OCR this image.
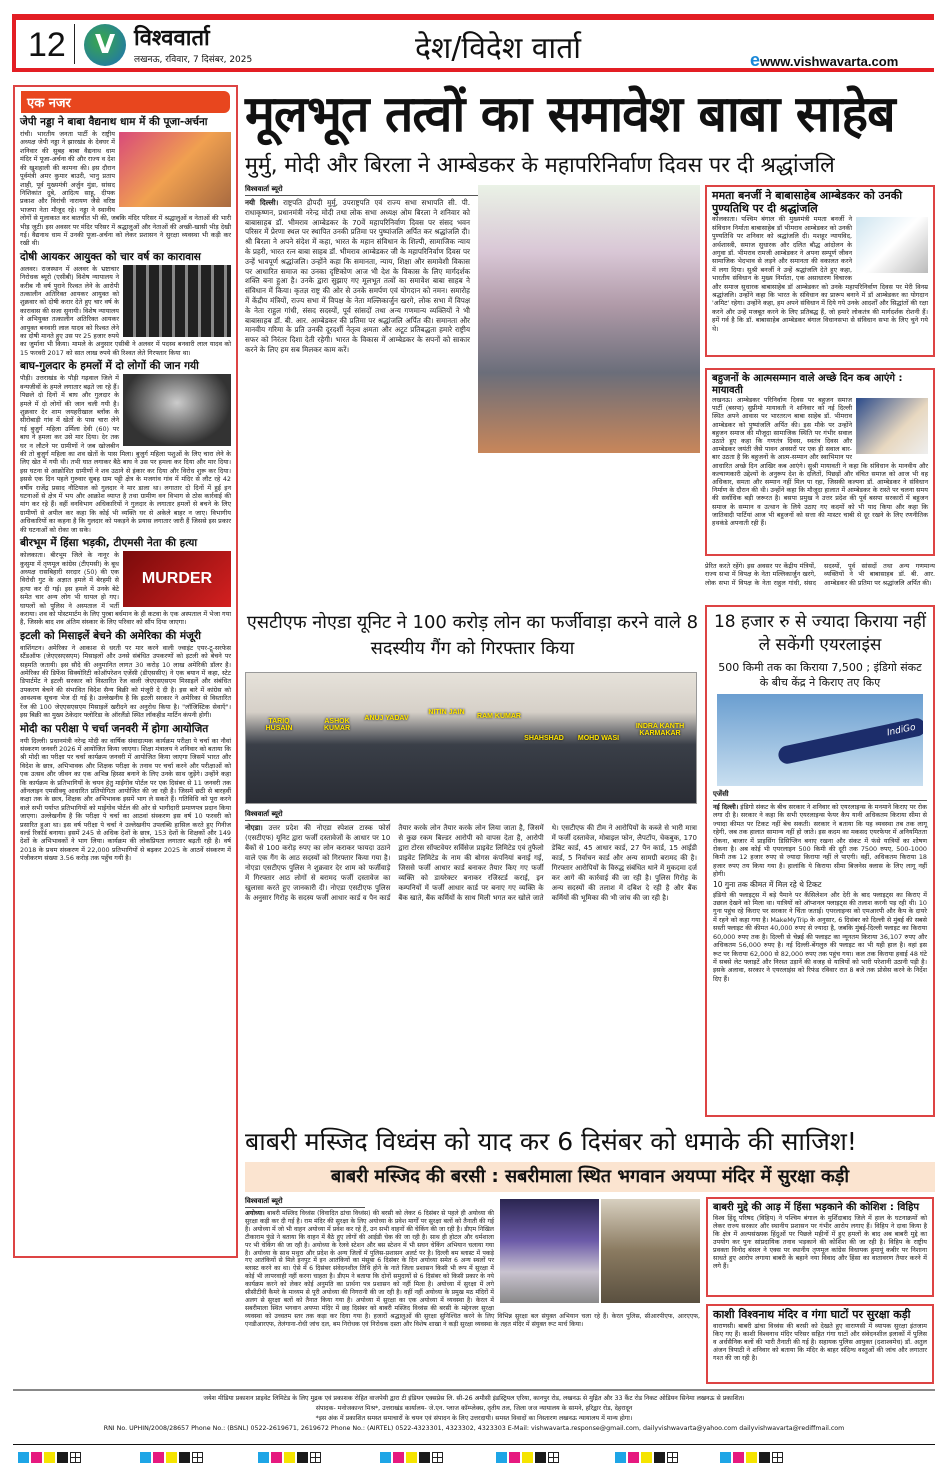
12	V विश्ववार्ता
लखनऊ, रविवार, 7 दिसंबर, 2025	देश/विदेश वार्ता	ewww.vishwavarta.com
एक नजर
जेपी नड्डा ने बाबा वैद्यनाथ धाम में की पूजा-अर्चना
रांची। भारतीय जनता पार्टी के राष्ट्रीय अध्यक्ष जेपी नड्डा ने झारखंड के देवघर में शनिवार की सुबह बाबा वैद्यनाथ धाम मंदिर में पूजा-अर्चना की और राज्य व देश की खुशहाली की कामना की। इस दौरान पूर्वमंत्री अमर कुमार बाउरी, भानु प्रताप शाही, पूर्व मुख्यमंत्री अर्जुन मुंडा, सांसद निशिकांत दुबे, आदित्य साहू, दीपक प्रकाश और विरांची नारायण जैसे वरिष्ठ भाजपा नेता मौजूद रहे। नड्डा ने स्थानीय लोगों से मुलाकात कर बातचीत भी की, जबकि मंदिर परिसर में श्रद्धालुओं व नेताओं की भारी भीड़ जुटी। इस अवसर पर मंदिर परिसर में श्रद्धालुओं और नेताओं की अच्छी-खासी भीड़ देखी गई। वैद्यनाथ धाम में उनकी पूजा-अर्चना को लेकर प्रशासन ने सुरक्षा व्यवस्था भी कड़ी कर रखी थी।
दोषी आयकर आयुक्त को चार वर्ष का कारावास
अलवर। राजस्थान में अलवर के भ्रष्टाचार निरोधक ब्यूरो (एसीबी) विशेष न्यायालय ने करीब नौ वर्ष पुराने रिश्वत लेने के आरोपी तत्कालीन अतिरिक्त आयकर आयुक्त को शुक्रवार को दोषी करार देते हुए चार वर्ष के कारावास की सजा सुनायी। विशेष न्यायालय ने अभियुक्त तत्कालीन अतिरिक्त आयकर आयुक्त बनवारी लाल यादव को रिश्वत लेने का दोषी मानते हुए उस पर 25 हजार रुपये का जुर्माना भी किया। मामले के अनुसार एसीबी ने अलवर में पदस्थ बनवारी लाल यादव को 15 फरवरी 2017 को सात लाख रुपये की रिश्वत लेते गिरफ्तार किया था।
बाघ-गुलदार के हमलों में दो लोगों की जान गयी
पौड़ी। उत्तराखंड के पौड़ी गढ़वाल जिले में वन्यजीवों के हमले लगातार बढ़ते जा रहे हैं। पिछले दो दिनों में बाघ और गुलदार के हमले में दो लोगों की जान चली गयी है। शुक्रवार देर शाम जयहरीखाल ब्लॉक के सीरोबाड़ी गांव में खेतों के पास चारा लेने गई बुजुर्ग महिला उर्मिला देवी (60) पर बाघ ने हमला कर उसे मार दिया। देर तक घर न लौटने पर ग्रामीणों ने जब खोजबीन की तो बुजुर्ग महिला का शव खेतों के पास मिला। बुजुर्ग महिला पशुओं के लिए चारा लेने के लिए खेत में गयी थी। तभी घात लगाकर बैठे बाघ ने उस पर हमला कर दिया और मार दिया। इस घटना से आक्रोशित ग्रामीणों ने शव उठाने से इंकार कर दिया और विरोध शुरू कर दिया। इससे एक दिन पहले गुरुवार सुबह ग्राम पट्टी क्षेत्र के मजगांव गांव में मंदिर से लौट रहे 42 वर्षीय राजेंद्र प्रसाद नौटियाल को गुलदार ने मार डाला था। लगातार दो दिनों में हुई इन घटनाओं से क्षेत्र में भय और आक्रोश व्याप्त है तथा ग्रामीण वन विभाग से ठोस कार्रवाई की मांग कर रहे हैं। वहीं वनविभाग अधिकारियों ने गुलदार के लगातार हमलों से बचने के लिए ग्रामीणों से अपील कर कहा कि कोई भी व्यक्ति घर से अकेले बाहर न जाए। विभागीय अधिकारियों का कहना है कि गुलदार को पकड़ने के प्रयास लगातार जारी हैं जिससे इस प्रकार की घटनाओं को रोका जा सके।
बीरभूम में हिंसा भड़की, टीएमसी नेता की हत्या
MURDER
कोलकाता। बीरभूम जिले के नानूर के कुसुमा में तृणमूल कांग्रेस (टीएमसी) के बूथ अध्यक्ष रासबिहारी सरदार (50) की एक विरोधी गुट के अज्ञात हमले में बेरहमी से हत्या कर दी गई। इस हमले में उनके बेटे समेत चार अन्य लोग भी घायल हो गए। घायलों को पुलिस ने अस्पताल में भर्ती कराया। शव को पोस्टमार्टम के लिए पुरबा बर्धमान के ही कटवा के एक अस्पताल में भेजा गया है, जिसके बाद शव अंतिम संस्कार के लिए परिवार को सौंप दिया जाएगा।
इटली को मिसाइलें बेचने की अमेरिका की मंजूरी
वाशिंगटन। अमेरिका ने आकाश से धरती पर मार करने वाली ज्वाइंट एयर-टू-सरफेस स्टैंडऑफ (जेएएसएसएम) मिसाइलों और उनसे संबंधित उपकरणों को इटली को बेचने पर सहमति जतायी। इस सौदे की अनुमानित लागत 30 करोड़ 10 लाख अमेरिकी डॉलर है। अमेरिका की डिफेंस सिक्योरिटी कोऑपरेशन एजेंसी (डीएससीए) ने एक बयान में कहा, स्टेट डिपार्टमेंट ने इटली सरकार को विस्तारित रेंज वाली जेएएसएसएम मिसाइलें और संबंधित उपकरण बेचने की संभावित विदेश सैन्य बिक्री को मंजूरी दे दी है। इस बारे में कांग्रेस को आवश्यक सूचना भेज दी गई है। उल्लेखनीय है कि इटली सरकार ने अमेरिका से विस्तारित रेंज की 100 जेएएसएसएम मिसाइलें खरीदने का अनुरोध किया है। "लॉजिस्टिक सेवाएँ"। इस बिक्री का मुख्य ठेकेदार फ्लोरिडा के ऑरलैंडो स्थित लॉकहीड मार्टिन कंपनी होगी।
मोदी का परीक्षा पे चर्चा जनवरी में होगा आयोजित
नयी दिल्ली। प्रधानमंत्री नरेन्द्र मोदी का वार्षिक संवादात्मक कार्यक्रम परीक्षा पे चर्चा का नौवां संस्करण जनवरी 2026 में आयोजित किया जाएगा। शिक्षा मंत्रालय ने शनिवार को बताया कि श्री मोदी का परीक्षा पर चर्चा कार्यक्रम जनवरी में आयोजित किया जाएगा जिसमें भारत और विदेश के छात्र, अभिभावक और शिक्षक परीक्षा के तनाव पर चर्चा करने और परीक्षाओं को एक उत्सव और जीवन का एक अभिन्न हिस्सा बनाने के लिए उनके साथ जुड़ेंगे। उन्होंने कहा कि कार्यक्रम के प्रतिभागियों के चयन हेतु माईगोव पोर्टल पर एक दिसंबर से 11 जनवरी तक ऑनलाइन एमसीक्यू आधारित प्रतियोगिता आयोजित की जा रही है। जिसमें छठी से बारहवीं कक्षा तक के छात्र, शिक्षक और अभिभावक इसमें भाग ले सकते हैं। गतिविधि को पूरा करने वाले सभी पर्याप्त प्रतिभागियों को माईगोव पोर्टल की ओर से भागीदारी प्रमाणपत्र प्रदान किया जाएगा। उल्लेखनीय है कि परीक्षा पे चर्चा का आठवां संस्करण इस वर्ष 10 फरवरी को प्रसारित हुआ था। इस वर्ष परीक्षा पे चर्चा ने उल्लेखनीय उपलब्धि हासिल करते हुए गिनीज वर्ल्ड रिकॉर्ड बनाया। इसमें 245 से अधिक देशों के छात्र, 153 देशों के शिक्षकों और 149 देशों के अभिभावकों ने भाग लिया। कार्यक्रम की लोकप्रियता लगातार बढ़ती रही है। वर्ष 2018 के प्रथम संस्करण में 22,000 प्रतिभागियों से बढ़कर 2025 के आठवें संस्करण में पंजीकरण संख्या 3.56 करोड़ तक पहुँच गयी है।
मूलभूत तत्वों का समावेश बाबा साहेब
मुर्मु, मोदी और बिरला ने आम्बेडकर के महापरिनिर्वाण दिवस पर दी श्रद्धांजलि
विश्ववार्ता ब्यूरो
नयी दिल्ली। राष्ट्रपति द्रौपदी मुर्मु, उपराष्ट्रपति एवं राज्य सभा सभापति सी. पी. राधाकृष्णन, प्रधानमंत्री नरेन्द्र मोदी तथा लोक सभा अध्यक्ष ओम बिरला ने शनिवार को बाबासाहब डॉ. भीमराव आम्बेडकर के 70वें महापरिनिर्वाण दिवस पर संसद भवन परिसर में प्रेरणा स्थल पर स्थापित उनकी प्रतिमा पर पुष्पांजलि अर्पित कर श्रद्धांजलि दी। श्री बिरला ने अपने संदेश में कहा, भारत के महान संविधान के शिल्पी, सामाजिक न्याय के प्रहरी, भारत रत्न बाबा साहब डॉ. भीमराव आम्बेडकर जी के महापरिनिर्वाण दिवस पर उन्हें भावपूर्ण श्रद्धांजलि। उन्होंने कहा कि समानता, न्याय, शिक्षा और समावेशी विकास पर आधारित समाज का उनका दृष्टिकोण आज भी देश के विकास के लिए मार्गदर्शक शक्ति बना हुआ है। उनके द्वारा सुझाए गए मूलभूत तत्वों का समावेश बाबा साहब ने संविधान में किया। कृतज्ञ राष्ट्र की ओर से उनके समर्पण एवं योगदान को नमन। समारोह में केंद्रीय मंत्रियों, राज्य सभा में विपक्ष के नेता मल्लिकार्जुन खरगे, लोक सभा में विपक्ष के नेता राहुल गांधी, संसद सदस्यों, पूर्व सांसदों तथा अन्य गणमान्य व्यक्तियों ने भी बाबासाहब डॉ. बी. आर. आम्बेडकर की प्रतिमा पर श्रद्धांजलि अर्पित की। समानता और मानवीय गरिमा के प्रति उनकी दूरदर्शी नेतृत्व क्षमता और अटूट प्रतिबद्धता हमारे राष्ट्रीय सफर को निरंतर दिशा देती रहेगी। भारत के विकास में आम्बेडकर के सपनों को साकार करने के लिए हम सब मिलकर काम करें।
ममता बनर्जी ने बाबासाहेब आम्बेडकर को उनकी पुण्यतिथि पर दी श्रद्धांजलि
कोलकाता। पश्चिम बंगाल की मुख्यमंत्री ममता बनर्जी ने संविधान निर्माता बाबासाहेब डॉ भीमराव आम्बेडकर को उनकी पुण्यतिथि पर शनिवार को श्रद्धांजलि दी। मशहूर न्यायविद, अर्थशास्त्री, समाज सुधारक और दलित बौद्ध आंदोलन के अगुवा डॉ. भीमराव रामजी आम्बेडकर ने अपना सम्पूर्ण जीवन सामाजिक भेदभाव से लड़ने और समानता की वकालत करने में लगा दिया। सुश्री बनर्जी ने उन्हें श्रद्धांजलि देते हुए कहा, भारतीय संविधान के मुख्य निर्माता, एक असाधारण विचारक और समाज सुधारक बाबासाहेब डॉ आम्बेडकर को उनके महापरिनिर्वाण दिवस पर मेरी विनम्र श्रद्धांजलि। उन्होंने कहा कि भारत के संविधान का प्रारूप बनाने में डॉ आम्बेडकर का योगदान 'अमिट' रहेगा। उन्होंने कहा, हम अपने संविधान में दिये गये उनके आदर्शों और सिद्धांतों की रक्षा करने और उन्हें मजबूत करने के लिए प्रतिबद्ध हैं, जो हमारे लोकतंत्र की मार्गदर्शक रोशनी हैं। हमें गर्व है कि डॉ. बाबासाहेब आम्बेडकर बंगाल विधानसभा से संविधान सभा के लिए चुने गये थे।
बहुजनों के आत्मसम्मान वाले अच्छे दिन कब आएंगे : मायावती
लखनऊ। आम्बेडकर परिनिर्वाण दिवस पर बहुजन समाज पार्टी (बसपा) सुप्रीमो मायावती ने शनिवार को नई दिल्ली स्थित अपने आवास पर भारतरत्न बाबा साहेब डॉ. भीमराव आम्बेडकर को पुष्पांजलि अर्पित की। इस मौके पर उन्होंने बहुजन समाज की मौजूदा सामाजिक स्थिति पर गंभीर सवाल उठाते हुए कहा कि गणतंत्र दिवस, स्वतंत्र दिवस और आम्बेडकर जयंती जैसे पावन अवसरों पर एक ही सवाल बार-बार उठता है कि बहुजनों के आत्म-सम्मान और स्वाभिमान पर आधारित अच्छे दिन आखिर कब आएंगे। सुश्री मायावती ने कहा कि संविधान के मानवीय और कल्याणकारी उद्देश्यों के अनुरूप देश के दलितों, पिछड़ों और वंचित समाज को आज भी वह अधिकार, समता और सम्मान नहीं मिल पा रहा, जिसकी कल्पना डॉ. आम्बेडकर ने संविधान निर्माण के दौरान की थी। उन्होंने कहा कि मौजूदा हालात में आम्बेडकर के रास्ते पर चलना समय की सर्वाधिक बड़ी जरूरत है। बसपा प्रमुख ने उत्तर प्रदेश की पूर्व बसपा सरकारों में बहुजन समाज के सम्मान व उत्थान के लिये उठाए गए कदमों को भी याद किया और कहा कि जातिवादी पार्टियां आज भी बहुजनों को सत्ता की मास्टर चाबी से दूर रखने के लिए रणनीतिक हथकंडे अपनाती रही हैं।
प्रेरित करते रहेंगे। इस अवसर पर केंद्रीय मंत्रियों, राज्य सभा में विपक्ष के नेता मल्लिकार्जुन खरगे, लोक सभा में विपक्ष के नेता राहुल गांधी, संसद सदस्यों, पूर्व सांसदों तथा अन्य गणमान्य व्यक्तियों ने भी बाबासाहब डॉ. बी. आर. आम्बेडकर की प्रतिमा पर श्रद्धांजलि अर्पित की।
एसटीएफ नोएडा यूनिट ने 100 करोड़ लोन का फर्जीवाड़ा करने वाले 8 सदस्यीय गैंग को गिरफ्तार किया
TARIQ HUSAIN
ASHOK KUMAR
ANUJ YADAV
NITIN JAIN
RAM KUMAR
SHAHSHAD	MOHD WASI
INDRA KANTH KARMAKAR
विश्ववार्ता ब्यूरो
नोएडा। उत्तर प्रदेश की नोएडा स्पेशल टास्क फोर्स (एसटीएफ) यूनिट द्वारा फर्जी दस्तावेजों के आधार पर 10 बैंकों से 100 करोड़ रुपए का लोन कराकर फायदा उठाने वाले एक गैंग के आठ सदस्यों को गिरफ्तार किया गया है। नोएडा एसटीएफ पुलिस ने शुक्रवार देर शाम को फर्जीवाड़े में गिरफ्तार आठ लोगों से बरामद फर्जी दस्तावेज का खुलासा करते हुए जानकारी दी। नोएडा एसटीएफ पुलिस के अनुसार गिरोह के सदस्य फर्जी आधार कार्ड व पैन कार्ड तैयार करके लोन तैयार करके लोन लिया जाता है, जिसमें से कुछ रकम बिल्डर आरोपी को वापस देता है, आरोपी द्वारा टोरस सॉफ्टवेयर सर्विसेज प्राइवेट लिमिटेड एवं तुफैलो प्राइवेट लिमिटेड के नाम की बोगस कंपनियां बनाई गई, जिससे फर्जी आधार कार्ड बनाकर तैयार किए गए फर्जी व्यक्ति को डायरेक्टर बनाकर रजिस्टर्ड कराई, इन कम्पनियों में फर्जी आधार कार्ड पर बनाए गए व्यक्ति के बैंक खाते, बैंक कर्मियों के साथ मिली भगत कर खोले जाते थे। एसटीएफ की टीम ने आरोपियों के कब्जे से भारी मात्रा में फर्जी दस्तावेज, मोबाइल फोन, लैपटॉप, चेकबुक, 170 डेबिट कार्ड, 45 आधार कार्ड, 27 पैन कार्ड, 15 आईडी कार्ड, 5 निर्वाचन कार्ड और अन्य सामग्री बरामद की है। गिरफ्तार आरोपियों के विरुद्ध संबंधित थाने में मुकदमा दर्ज कर आगे की कार्रवाई की जा रही है। पुलिस गिरोह के अन्य सदस्यों की तलाश में दबिश दे रही है और बैंक कर्मियों की भूमिका की भी जांच की जा रही है।
18 हजार रु से ज्यादा किराया नहीं ले सकेंगी एयरलाइंस
500 किमी तक का किराया 7,500 ; इंडिगो संकट के बीच केंद्र ने किराए तए किए
IndiGo
एजेंसी
नई दिल्ली। इंडिगो संकट के बीच सरकार ने शनिवार को एयरलाइन्स के मनमाने किराए पर रोक लगा दी है। सरकार ने कहा कि सभी एयरलाइन्स फेयर कैप यानी अधिकतम किराया सीमा से ज्यादा कीमत पर टिकट नहीं बेच सकती। सरकार ने बताया कि यह व्यवस्था तब तक लागू रहेगी, जब तक हालात सामान्य नहीं हो जाते। इस कदम का मकसद एयरफेयर में अनियमितता रोकना, बाजार में प्राइसिंग डिसिप्लिन बनाए रखना और संकट में फंसे यात्रियों का शोषण रोकना है। अब कोई भी एयरलाइन 500 किमी की दूरी तक 7500 रुपए, 500-1000 किमी तक 12 हजार रुपए से ज्यादा किराया नहीं ले पाएगी। वहीं, अधिकतम किराया 18 हजार रुपए तय किया गया है। हालांकि ये किराया सीमा बिजनेस क्लास के लिए लागू नहीं होगी।
10 गुना तक कीमत में मिल रहे थे टिकट
इंडिगो की फ्लाइट्स में बड़े पैमाने पर कैंसिलेशन और देरी के बाद फ्लाइट्स का किराए में उछाल देखने को मिला था। यात्रियों को ऑप्शनल फ्लाइट्स की तलाश करनी पड़ रही थी। 10 गुना पहुंच रहे किराए पर सरकार ने चिंता जताई। एयरलाइन्स को एमआरपी और कैप के दायरे में रहने को कहा गया है। MakeMyTrip के अनुसार, 6 दिसंबर को दिल्ली से मुंबई की सबसे सस्ती फ्लाइट की कीमत 40,000 रुपए से ज्यादा है, जबकि मुंबई-दिल्ली फ्लाइट का किराया 60,000 रुपए तक है। दिल्ली से चेन्नई की फ्लाइट का न्यूनतम किराया 36,107 रुपए और अधिकतम 56,000 रुपए है। नई दिल्ली-बेंगलुरु की फ्लाइट का भी यही हाल है। वहां इस रूट पर किराया 62,000 से 82,000 रुपए तक पहुंच गया। कल तक किराया हवाई 48 घंटे में सबसे लेट फ्लाइटें और निरस्त उड़ानें की वजह से यात्रियों को भारी परेशानी उठानी पड़ी है। इसके अलावा, सरकार ने एयरलाइंस को रिफंड रविवार रात 8 बजे तक प्रोसेस करने के निर्देश दिए हैं।
बाबरी मस्जिद विध्वंस को याद कर 6 दिसंबर को धमाके की साजिश!
बाबरी मस्जिद की बरसी : सबरीमाला स्थित भगवान अयप्पा मंदिर में सुरक्षा कड़ी
विश्ववार्ता ब्यूरो
अयोध्या। बाबरी मस्जिद विध्वंस (विवादित ढांचा विध्वंस) की बरसी को लेकर 6 दिसंबर से पहले ही अयोध्या की सुरक्षा कड़ी कर दी गई है। राम मंदिर की सुरक्षा के लिए अयोध्या के प्रवेश मार्गों पर सुरक्षा बलों को तैनाती की गई है। अयोध्या में जो भी वाहन अयोध्या में प्रवेश कर रहे हैं, उन सभी वाहनों की चेकिंग की जा रही है। डीएम निखिल टीकाराम फुंडे ने बताया कि वाहन में बैठे हुए लोगों की आईडी चेक की जा रही है। साथ ही होटल और धर्मशाला पर भी चेकिंग की जा रही है। अयोध्या के रेलवे स्टेशन और बस स्टेशन में भी सघन चेकिंग अभियान चलाया गया है। अयोध्या के साथ मथुरा और प्रदेश के अन्य जिलों में पुलिस-प्रशासन अलर्ट पर है। दिल्ली बम ब्लास्ट में पकड़े गए आतंकियों से मिले इनपुट में इन आतंकियों का मंसूबा 6 दिसंबर के दिन अयोध्या समेत 6 अन्य स्थलों पर ब्लास्ट करने का था। ऐसे में 6 दिसंबर संवेदनशील तिथि होने के नाते जिला प्रशासन किसी भी रूप में सुरक्षा में कोई भी लापरवाही नहीं करना चाहता है। डीएम ने बताया कि दोनों समुदायों से 6 दिसंबर को किसी प्रकार के नये कार्यक्रम करने को लेकर कोई अनुमति का प्रार्थना पत्र प्रशासन को नहीं मिला है। अयोध्या में सुरक्षा में लगे सीसीटीवी कैमरे के माध्यम से पूरी अयोध्या की निगरानी की जा रही है। वहीं नहीं अयोध्या के प्रमुख मठ मंदिरों में अलग से सुरक्षा बलों को तैनात किया गया है। अयोध्या में सुरक्षा का एक अयोध्या में व्यवस्था है। केरल में सबरीमाला स्थित भगवान अयप्पा मंदिर में छह दिसंबर को बाबरी मस्जिद विध्वंस की बरसी के मद्देनजर सुरक्षा व्यवस्था को उच्चतम स्तर तक कड़ा कर दिया गया है। हजारों श्रद्धालुओं की सुरक्षा सुनिश्चित करने के लिए विभिन्न सुरक्षा बल संयुक्त अभियान चला रहे हैं। केरल पुलिस, सीआरपीएफ, आरएएफ, एनडीआरएफ, तेलंगाना-रोधी जांच दल, बम निरोधक एवं निरोधक दस्ता और विशेष शाखा ने कड़ी सुरक्षा व्यवस्था के तहत मंदिर में संयुक्त रूट मार्च किया।
बाबरी मुद्दे की आड़ में हिंसा भड़काने की कोशिश : विहिप
विश्व हिंदू परिषद (विहिप) ने पश्चिम बंगाल के मुर्शिदाबाद जिले में हाल के घटनाक्रमों को लेकर राज्य सरकार और स्थानीय प्रशासन पर गंभीर आरोप लगाए हैं। विहिप ने दावा किया है कि क्षेत्र में अल्पसंख्यक हिंदुओं पर पिछले महीनों में हुए हमलों के बाद अब बाबरी मुद्दे का उपयोग कर पुनः सांप्रदायिक तनाव भड़काने की कोशिश की जा रही है। विहिप के राष्ट्रीय प्रवक्ता विनोद बंसल ने एक्स पर स्थानीय तृणमूल कांग्रेस विधायक हुमायूं कबीर पर निशाना साधते हुए आरोप लगाया बाबरी के बहाने नया विवाद और हिंसा का वातावरण तैयार करने में लगे हैं।
काशी विश्वनाथ मंदिर व गंगा घाटों पर सुरक्षा कड़ी
वाराणसी। बाबरी ढांचा विध्वंस की बरसी को देखते हुए वाराणसी में व्यापक सुरक्षा इंतजाम किए गए हैं। काशी विश्वनाथ मंदिर परिसर सहित गंगा घाटों और संवेदनशील इलाकों में पुलिस व अर्धसैनिक बलों की भारी तैनाती की गई है। सहायक पुलिस आयुक्त (दशाश्वमेध) डॉ. अतुल अंजन त्रिपाठी ने शनिवार को बताया कि मंदिर के बाहर संदिग्ध वस्तुओं की जांच और लगातार गश्त की जा रही है।
जयेश मीडिया प्रकाशन प्राइवेट लिमिटेड के लिए मुद्रक एवं प्रकाशक रोहित वाजपेयी द्वारा टी इंडियन एक्सप्रेस लि. सी-26 अमौसी इंडस्ट्रियल एरिया, कानपुर रोड, लखनऊ से मुद्रित और 33 कैंट रोड निकट ओडियन सिनेमा लखनऊ से प्रकाशित।
संपादक- मनोजकान्त मिश्र*, उत्तराखंड कार्यालय- जे.एन. प्लाज कॉम्प्लेक्स, तृतीय तल, जिला जज न्यायालय के सामने, हरिद्वार रोड, देहरादून
*इस अंक में प्रकाशित समस्त समाचारों के चयन एवं संपादन के लिए उत्तरदायी। समस्त विवादों का निस्तारण लखनऊ न्यायालय में मान्य होगा।
RNI No. UPHIN/2008/28657 Phone No.: (BSNL) 0522-2619671, 2619672 Phone No.: (AIRTEL) 0522-4323301, 4323302, 4323303 E-Mail: vishwavarta.response@gmail.com, dailyvishwavarta@yahoo.com dailyvishwavarta@rediffmail.com
